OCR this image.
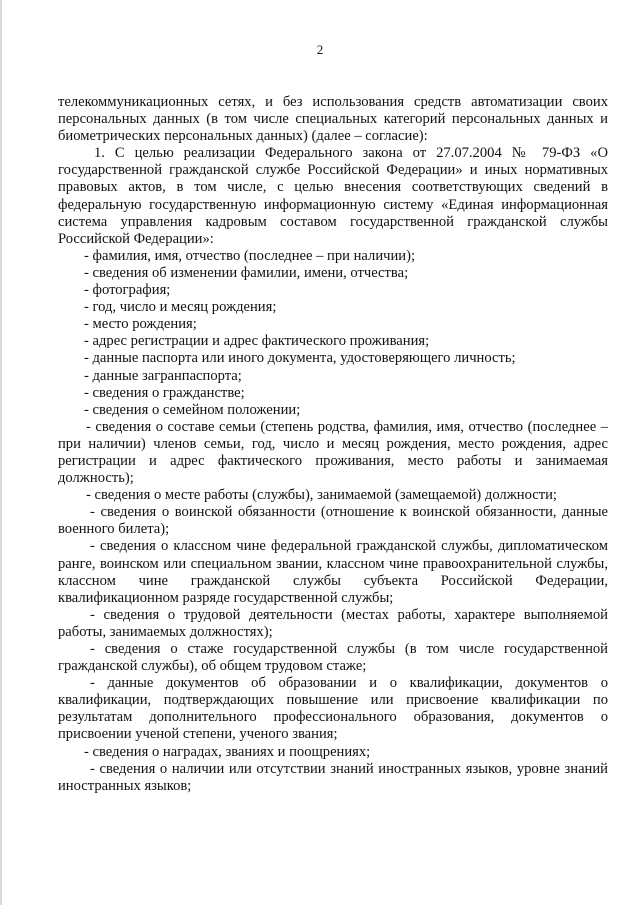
2

телекоммуникационных сетях, и без использования средств автоматизации своих персональных данных (в том числе специальных категорий персональных данных и биометрических персональных данных) (далее – согласие):

1. С целью реализации Федерального закона от 27.07.2004 № 79-ФЗ «О государственной гражданской службе Российской Федерации» и иных нормативных правовых актов, в том числе, с целью внесения соответствующих сведений в федеральную государственную информационную систему «Единая информационная система управления кадровым составом государственной гражданской службы Российской Федерации»:

- фамилия, имя, отчество (последнее – при наличии);

- сведения об изменении фамилии, имени, отчества;

- фотография;

- год, число и месяц рождения;

- место рождения;

- адрес регистрации и адрес фактического проживания;

- данные паспорта или иного документа, удостоверяющего личность;

- данные загранпаспорта;

- сведения о гражданстве;

- сведения о семейном положении;

- сведения о составе семьи (степень родства, фамилия, имя, отчество (последнее – при наличии) членов семьи, год, число и месяц рождения, место рождения, адрес регистрации и адрес фактического проживания, место работы и занимаемая должность);

- сведения о месте работы (службы), занимаемой (замещаемой) должности;

- сведения о воинской обязанности (отношение к воинской обязанности, данные военного билета);

- сведения о классном чине федеральной гражданской службы, дипломатическом ранге, воинском или специальном звании, классном чине правоохранительной службы, классном чине гражданской службы субъекта Российской Федерации, квалификационном разряде государственной службы;

- сведения о трудовой деятельности (местах работы, характере выполняемой работы, занимаемых должностях);

- сведения о стаже государственной службы (в том числе государственной гражданской службы), об общем трудовом стаже;

- данные документов об образовании и о квалификации, документов о квалификации, подтверждающих повышение или присвоение квалификации по результатам дополнительного профессионального образования, документов о присвоении ученой степени, ученого звания;

- сведения о наградах, званиях и поощрениях;

- сведения о наличии или отсутствии знаний иностранных языков, уровне знаний иностранных языков;
